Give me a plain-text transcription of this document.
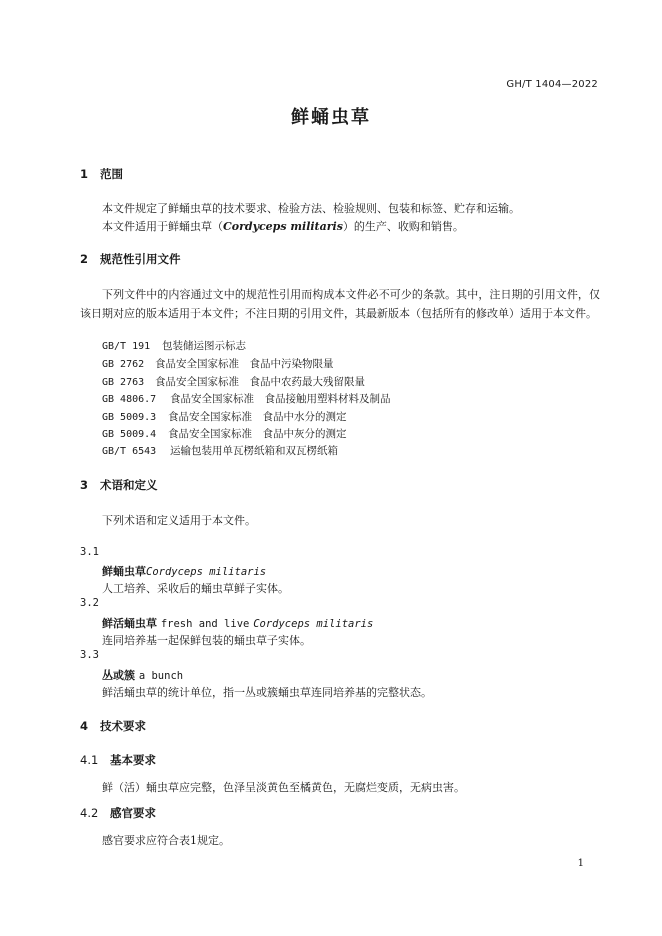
GH/T 1404—2022
鲜蛹虫草
1 范围
本文件规定了鲜蛹虫草的技术要求、检验方法、检验规则、包装和标签、贮存和运输。
本文件适用于鲜蛹虫草（Cordyceps militaris）的生产、收购和销售。
2 规范性引用文件
下列文件中的内容通过文中的规范性引用而构成本文件必不可少的条款。其中，注日期的引用文件，仅该日期对应的版本适用于本文件；不注日期的引用文件，其最新版本（包括所有的修改单）适用于本文件。
GB/T 191 包装储运图示标志
GB 2762 食品安全国家标准　食品中污染物限量
GB 2763 食品安全国家标准　食品中农药最大残留限量
GB 4806.7 食品安全国家标准　食品接触用塑料材料及制品
GB 5009.3 食品安全国家标准　食品中水分的测定
GB 5009.4 食品安全国家标准　食品中灰分的测定
GB/T 6543 运输包装用单瓦楞纸箱和双瓦楞纸箱
3 术语和定义
下列术语和定义适用于本文件。
3.1
鲜蛹虫草Cordyceps militaris
人工培养、采收后的蛹虫草鲜子实体。
3.2
鲜活蛹虫草 fresh and live Cordyceps militaris
连同培养基一起保鲜包装的蛹虫草子实体。
3.3
丛或簇 a bunch
鲜活蛹虫草的统计单位，指一丛或簇蛹虫草连同培养基的完整状态。
4 技术要求
4.1 基本要求
鲜（活）蛹虫草应完整，色泽呈淡黄色至橘黄色，无腐烂变质，无病虫害。
4.2 感官要求
感官要求应符合表1规定。
1
